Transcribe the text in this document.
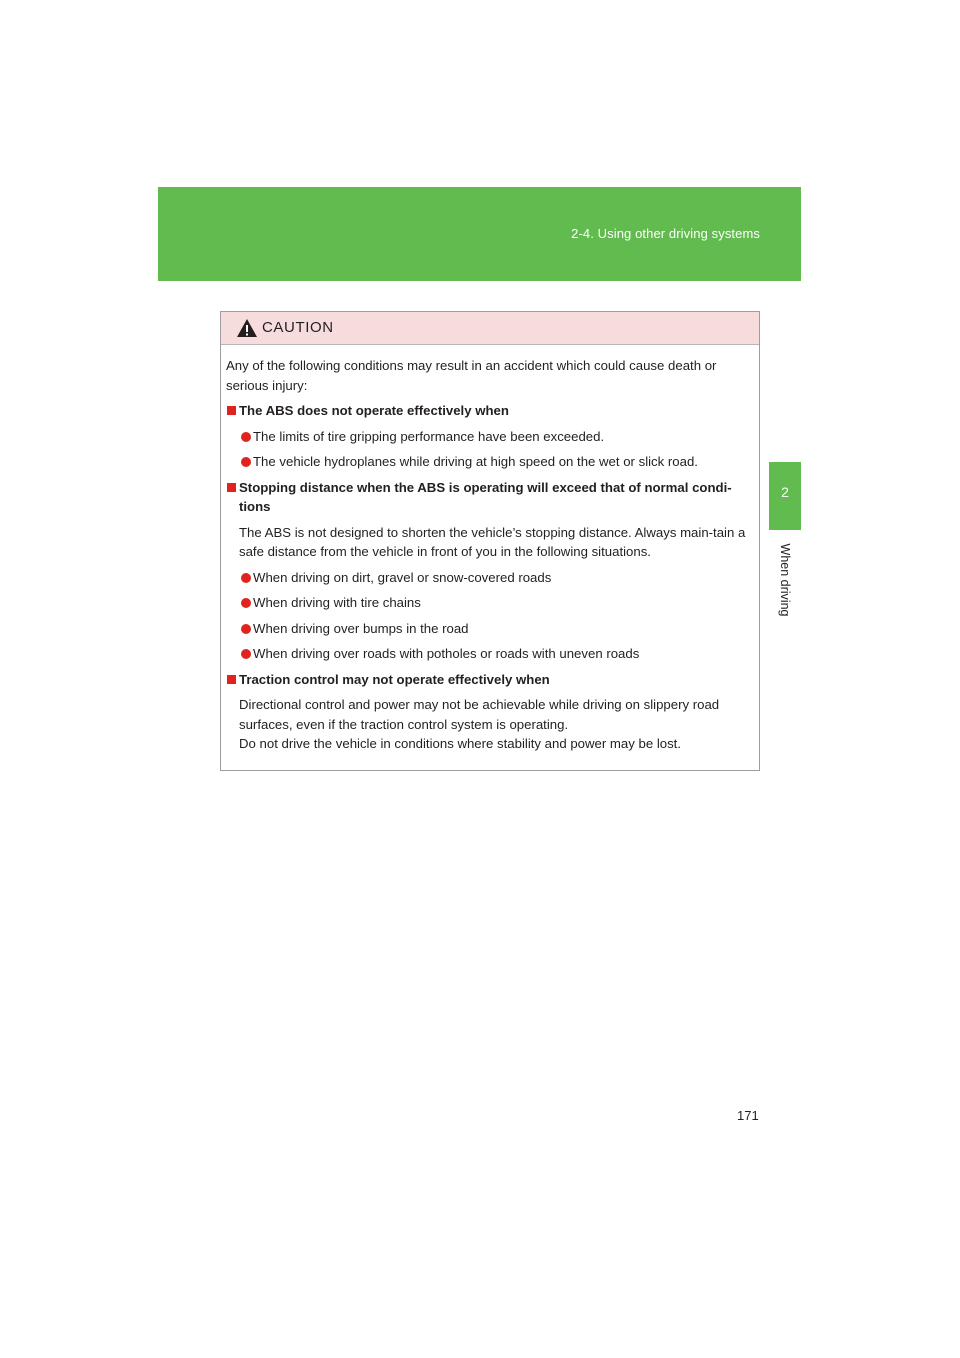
2-4. Using other driving systems
2
When driving
CAUTION

Any of the following conditions may result in an accident which could cause death or serious injury:

The ABS does not operate effectively when
The limits of tire gripping performance have been exceeded.
The vehicle hydroplanes while driving at high speed on the wet or slick road.
Stopping distance when the ABS is operating will exceed that of normal condi-tions

The ABS is not designed to shorten the vehicle’s stopping distance. Always main-tain a safe distance from the vehicle in front of you in the following situations.

When driving on dirt, gravel or snow-covered roads
When driving with tire chains
When driving over bumps in the road
When driving over roads with potholes or roads with uneven roads
Traction control may not operate effectively when
Directional control and power may not be achievable while driving on slippery road surfaces, even if the traction control system is operating.
Do not drive the vehicle in conditions where stability and power may be lost.
171
